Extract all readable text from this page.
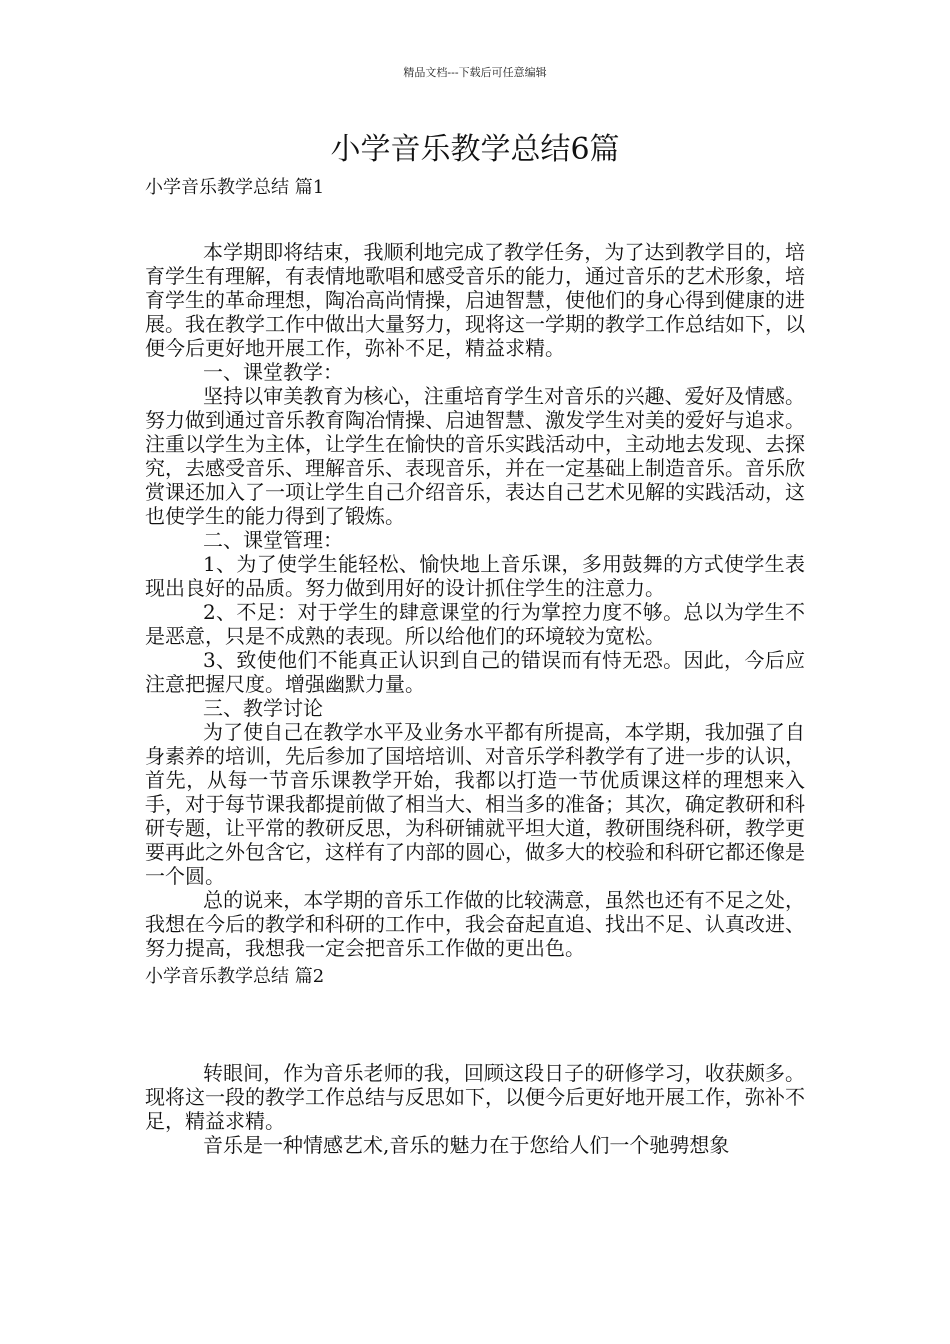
精品文档---下载后可任意编辑
小学音乐教学总结6篇
小学音乐教学总结 篇1

本学期即将结束，我顺利地完成了教学任务，为了达到教学目的，培育学生有理解，有表情地歌唱和感受音乐的能力，通过音乐的艺术形象，培育学生的革命理想，陶冶高尚情操，启迪智慧，使他们的身心得到健康的进展。我在教学工作中做出大量努力，现将这一学期的教学工作总结如下，以便今后更好地开展工作，弥补不足，精益求精。

一、课堂教学：

坚持以审美教育为核心，注重培育学生对音乐的兴趣、爱好及情感。努力做到通过音乐教育陶冶情操、启迪智慧、激发学生对美的爱好与追求。注重以学生为主体，让学生在愉快的音乐实践活动中，主动地去发现、去探究，去感受音乐、理解音乐、表现音乐，并在一定基础上制造音乐。音乐欣赏课还加入了一项让学生自己介绍音乐，表达自己艺术见解的实践活动，这也使学生的能力得到了锻炼。

二、课堂管理：

1、为了使学生能轻松、愉快地上音乐课，多用鼓舞的方式使学生表现出良好的品质。努力做到用好的设计抓住学生的注意力。

2、不足：对于学生的肆意课堂的行为掌控力度不够。总以为学生不是恶意，只是不成熟的表现。所以给他们的环境较为宽松。

3、致使他们不能真正认识到自己的错误而有恃无恐。因此，今后应注意把握尺度。增强幽默力量。

三、教学讨论

为了使自己在教学水平及业务水平都有所提高，本学期，我加强了自身素养的培训，先后参加了国培培训、对音乐学科教学有了进一步的认识，首先，从每一节音乐课教学开始，我都以打造一节优质课这样的理想来入手，对于每节课我都提前做了相当大、相当多的准备；其次，确定教研和科研专题，让平常的教研反思，为科研铺就平坦大道，教研围绕科研，教学更要再此之外包含它，这样有了内部的圆心，做多大的校验和科研它都还像是一个圆。

总的说来，本学期的音乐工作做的比较满意，虽然也还有不足之处，我想在今后的教学和科研的工作中，我会奋起直追、找出不足、认真改进、努力提高，我想我一定会把音乐工作做的更出色。

小学音乐教学总结 篇2

转眼间，作为音乐老师的我，回顾这段日子的研修学习，收获颇多。现将这一段的教学工作总结与反思如下，以便今后更好地开展工作，弥补不足，精益求精。

音乐是一种情感艺术,音乐的魅力在于您给人们一个驰骋想象
